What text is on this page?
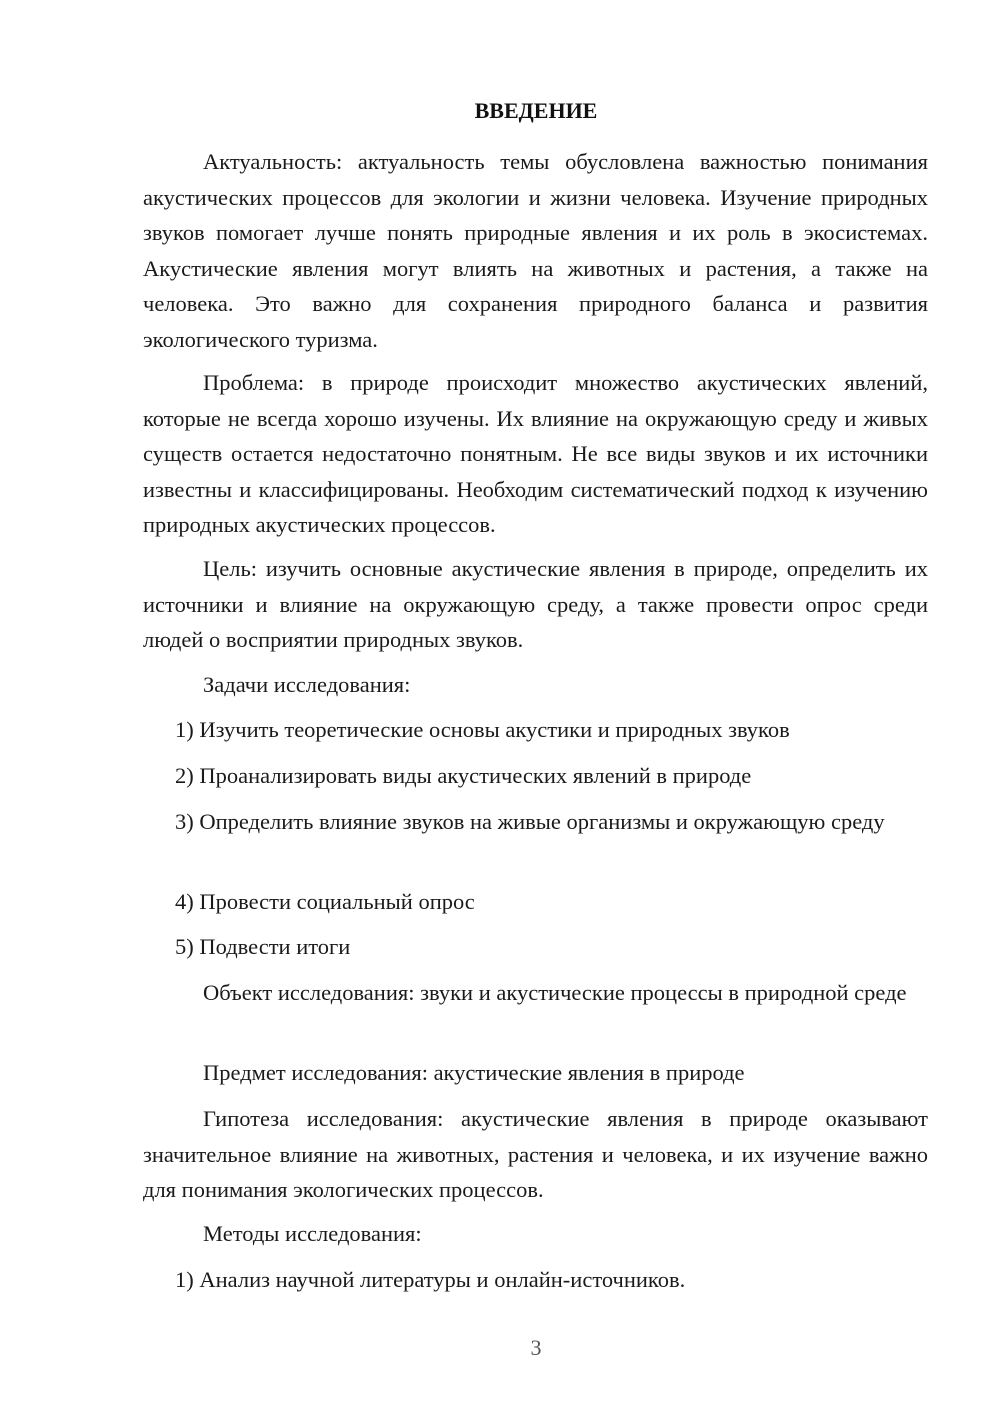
ВВЕДЕНИЕ

Актуальность: актуальность темы обусловлена важностью понимания акустических процессов для экологии и жизни человека. Изучение природных звуков помогает лучше понять природные явления и их роль в экосистемах. Акустические явления могут влиять на животных и растения, а также на человека. Это важно для сохранения природного баланса и развития экологического туризма.

Проблема: в природе происходит множество акустических явлений, которые не всегда хорошо изучены. Их влияние на окружающую среду и живых существ остается недостаточно понятным. Не все виды звуков и их источники известны и классифицированы. Необходим систематический подход к изучению природных акустических процессов.

Цель: изучить основные акустические явления в природе, определить их источники и влияние на окружающую среду, а также провести опрос среди людей о восприятии природных звуков.

Задачи исследования:

1) Изучить теоретические основы акустики и природных звуков

2) Проанализировать виды акустических явлений в природе

3) Определить влияние звуков на живые организмы и окружающую среду

4) Провести социальный опрос

5) Подвести итоги

Объект исследования: звуки и акустические процессы в природной среде

Предмет исследования: акустические явления в природе

Гипотеза исследования: акустические явления в природе оказывают значительное влияние на животных, растения и человека, и их изучение важно для понимания экологических процессов.

Методы исследования:

1) Анализ научной литературы и онлайн-источников.

3
